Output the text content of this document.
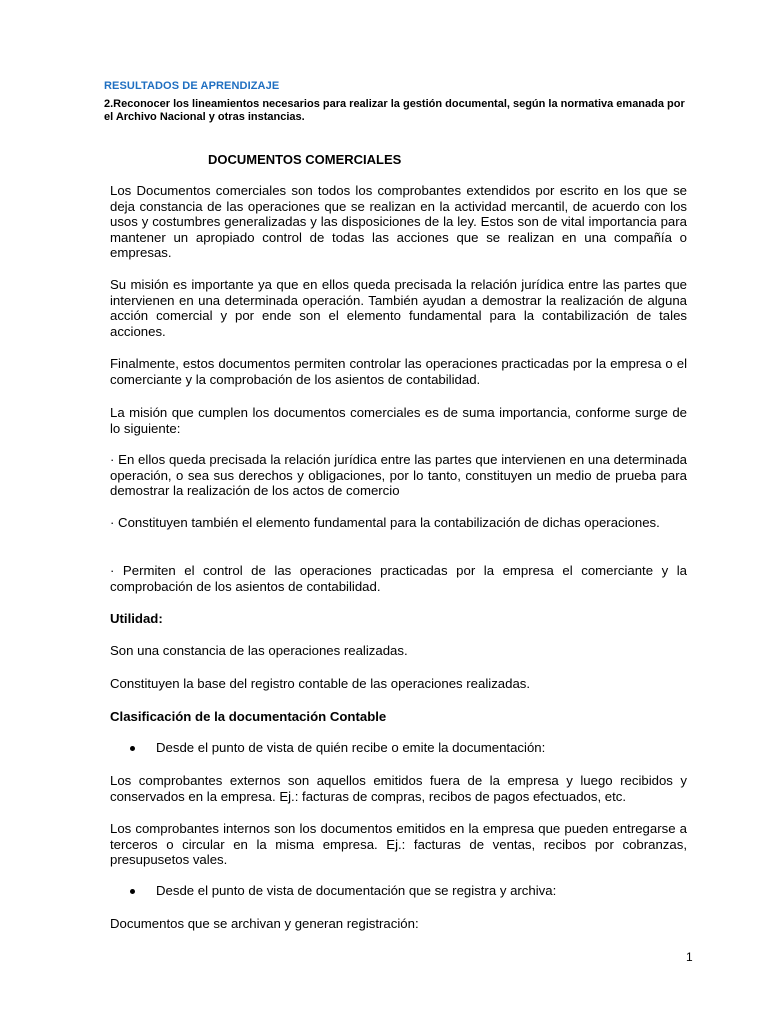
RESULTADOS DE APRENDIZAJE
2.Reconocer los lineamientos necesarios para realizar la gestión documental, según la normativa emanada por el Archivo Nacional y otras instancias.
DOCUMENTOS COMERCIALES

Los Documentos comerciales son todos los comprobantes extendidos por escrito en los que se deja constancia de las operaciones que se realizan en la actividad mercantil, de acuerdo con los usos y costumbres generalizadas y las disposiciones de la ley. Estos son de vital importancia para mantener un apropiado control de todas las acciones que se realizan en una compañía o empresas.

Su misión es importante ya que en ellos queda precisada la relación jurídica entre las partes que intervienen en una determinada operación. También ayudan a demostrar la realización de alguna acción comercial y por ende son el elemento fundamental para la contabilización de tales acciones.

Finalmente, estos documentos permiten controlar las operaciones practicadas por la empresa o el comerciante y la comprobación de los asientos de contabilidad.

La misión que cumplen los documentos comerciales es de suma importancia, conforme surge de lo siguiente:

· En ellos queda precisada la relación jurídica entre las partes que intervienen en una determinada operación, o sea sus derechos y obligaciones, por lo tanto, constituyen un medio de prueba para demostrar la realización de los actos de comercio

· Constituyen también el elemento fundamental para la contabilización de dichas operaciones.

· Permiten el control de las operaciones practicadas por la empresa el comerciante y la comprobación de los asientos de contabilidad.

Utilidad:

Son una constancia de las operaciones realizadas.

Constituyen la base del registro contable de las operaciones realizadas.

Clasificación de la documentación Contable

Desde el punto de vista de quién recibe o emite la documentación:

Los comprobantes externos son aquellos emitidos fuera de la empresa y luego recibidos y conservados en la empresa. Ej.: facturas de compras, recibos de pagos efectuados, etc.

Los comprobantes internos son los documentos emitidos en la empresa que pueden entregarse a terceros o circular en la misma empresa. Ej.: facturas de ventas, recibos por cobranzas, presupusetos vales.

Desde el punto de vista de documentación que se registra y archiva:

Documentos que se archivan y generan registración:

1
